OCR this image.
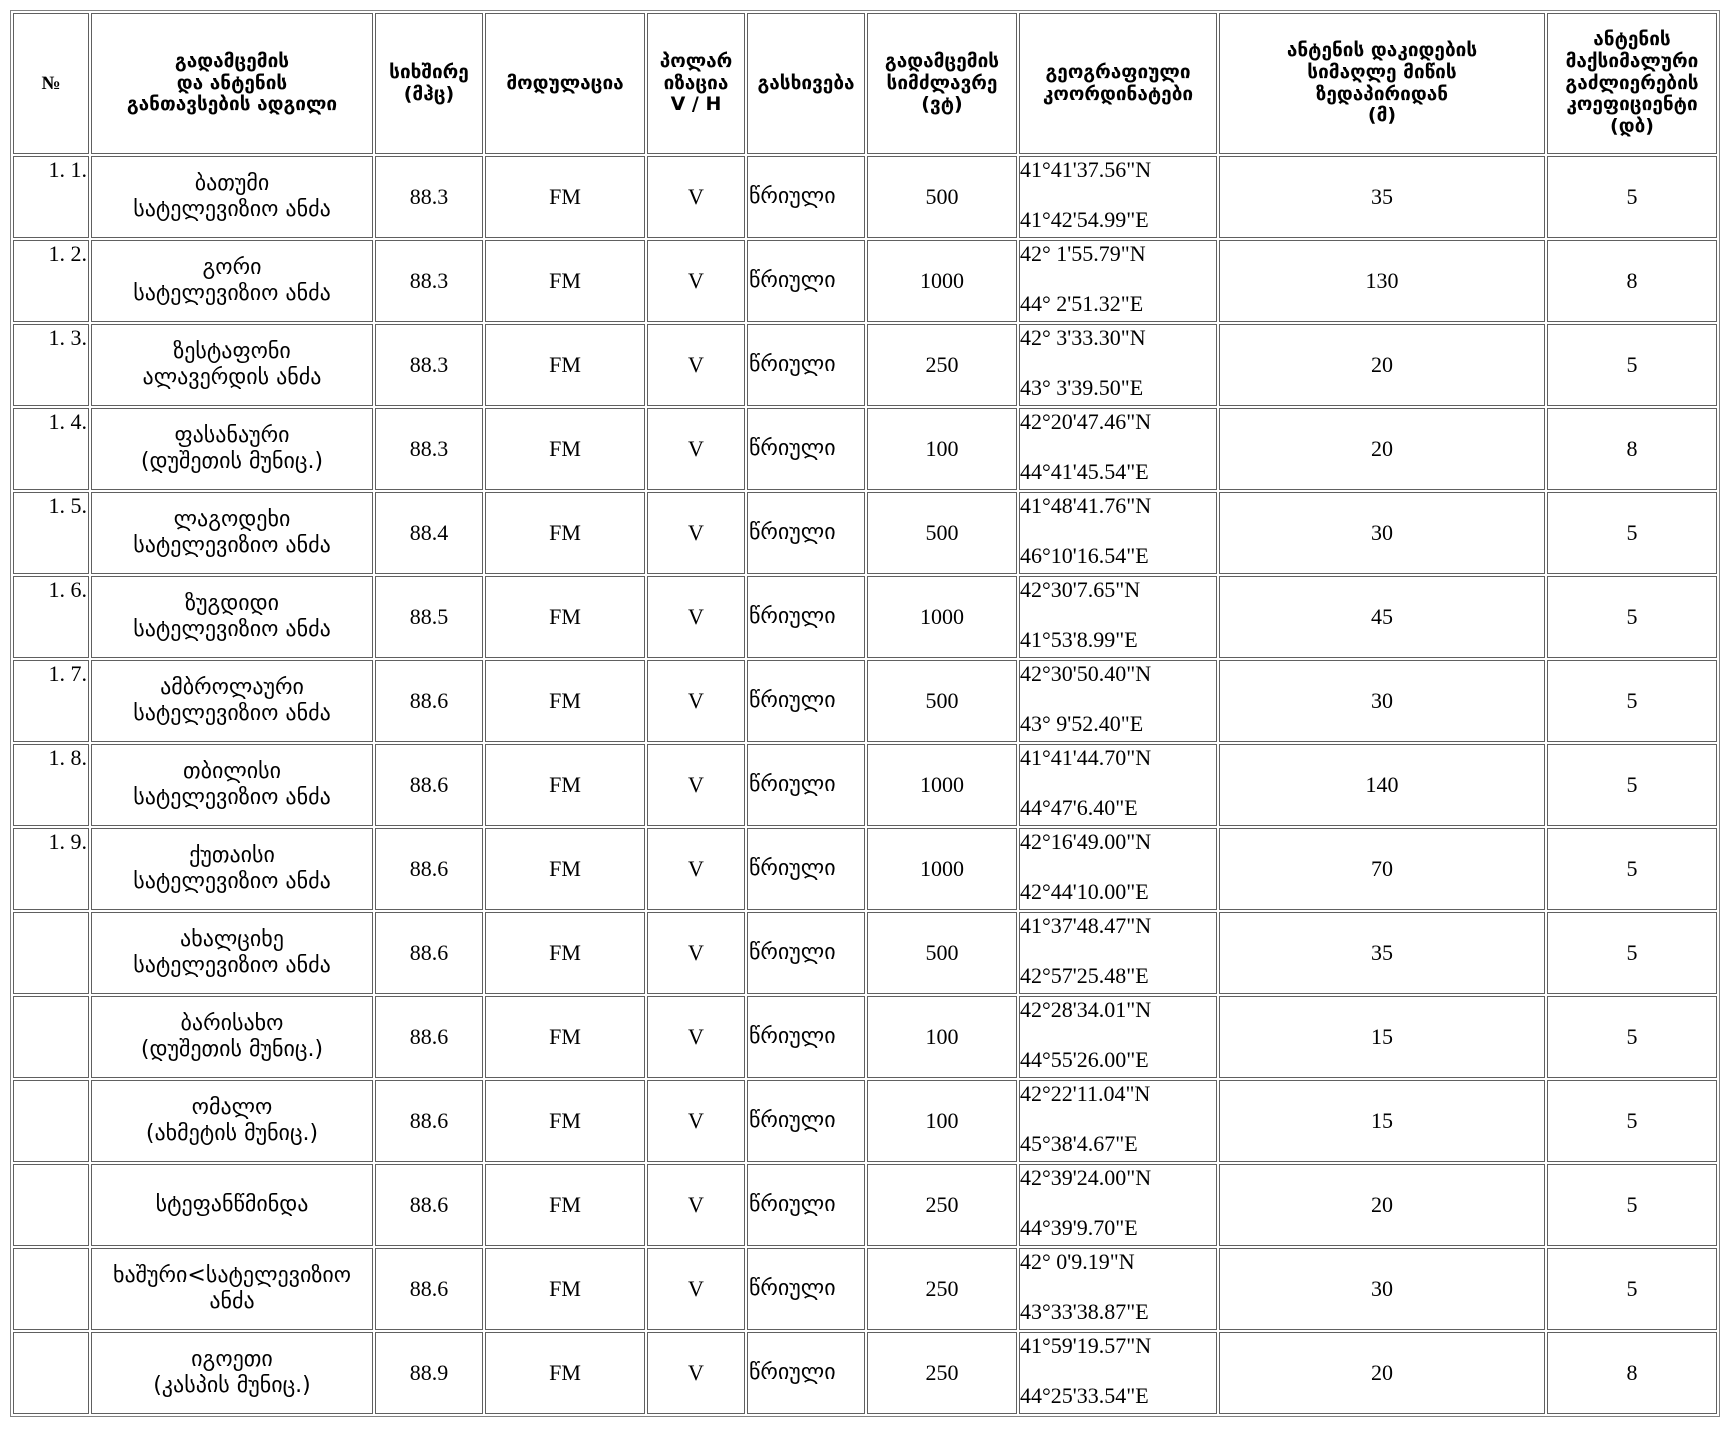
№	გადამცემის
და ანტენის
განთავსების ადგილი	სიხშირე
(მჰც)	მოდულაცია	პოლარ
იზაცია
V / H	გასხივება	გადამცემის
სიმძლავრე
(ვტ)	გეოგრაფიული
კოორდინატები	ანტენის დაკიდების
სიმაღლე მიწის
ზედაპირიდან
(მ)	ანტენის
მაქსიმალური
გაძლიერების
კოეფიციენტი
(დბ)
1. 1.	ბათუმი
სატელევიზიო ანძა	88.3	FM	V	წრიული	500	41°41'37.56"N
41°42'54.99"E	35	5
1. 2.	გორი
სატელევიზიო ანძა	88.3	FM	V	წრიული	1000	42° 1'55.79"N
44° 2'51.32"E	130	8
1. 3.	ზესტაფონი
ალავერდის ანძა	88.3	FM	V	წრიული	250	42° 3'33.30"N
43° 3'39.50"E	20	5
1. 4.	ფასანაური
(დუშეთის მუნიც.)	88.3	FM	V	წრიული	100	42°20'47.46"N
44°41'45.54"E	20	8
1. 5.	ლაგოდეხი
სატელევიზიო ანძა	88.4	FM	V	წრიული	500	41°48'41.76"N
46°10'16.54"E	30	5
1. 6.	ზუგდიდი
სატელევიზიო ანძა	88.5	FM	V	წრიული	1000	42°30'7.65"N
41°53'8.99"E	45	5
1. 7.	ამბროლაური
სატელევიზიო ანძა	88.6	FM	V	წრიული	500	42°30'50.40"N
43° 9'52.40"E	30	5
1. 8.	თბილისი
სატელევიზიო ანძა	88.6	FM	V	წრიული	1000	41°41'44.70"N
44°47'6.40"E	140	5
1. 9.	ქუთაისი
სატელევიზიო ანძა	88.6	FM	V	წრიული	1000	42°16'49.00"N
42°44'10.00"E	70	5

	ახალციხე
სატელევიზიო ანძა	88.6	FM	V	წრიული	500	41°37'48.47"N
42°57'25.48"E	35	5

	ბარისახო
(დუშეთის მუნიც.)	88.6	FM	V	წრიული	100	42°28'34.01"N
44°55'26.00"E	15	5

	ომალო
(ახმეტის მუნიც.)	88.6	FM	V	წრიული	100	42°22'11.04"N
45°38'4.67"E	15	5

	სტეფანწმინდა	88.6	FM	V	წრიული	250	42°39'24.00"N
44°39'9.70"E	20	5

	ხაშური<სატელევიზიო
ანძა	88.6	FM	V	წრიული	250	42° 0'9.19"N
43°33'38.87"E	30	5

	იგოეთი
(კასპის მუნიც.)	88.9	FM	V	წრიული	250	41°59'19.57"N
44°25'33.54"E	20	8
